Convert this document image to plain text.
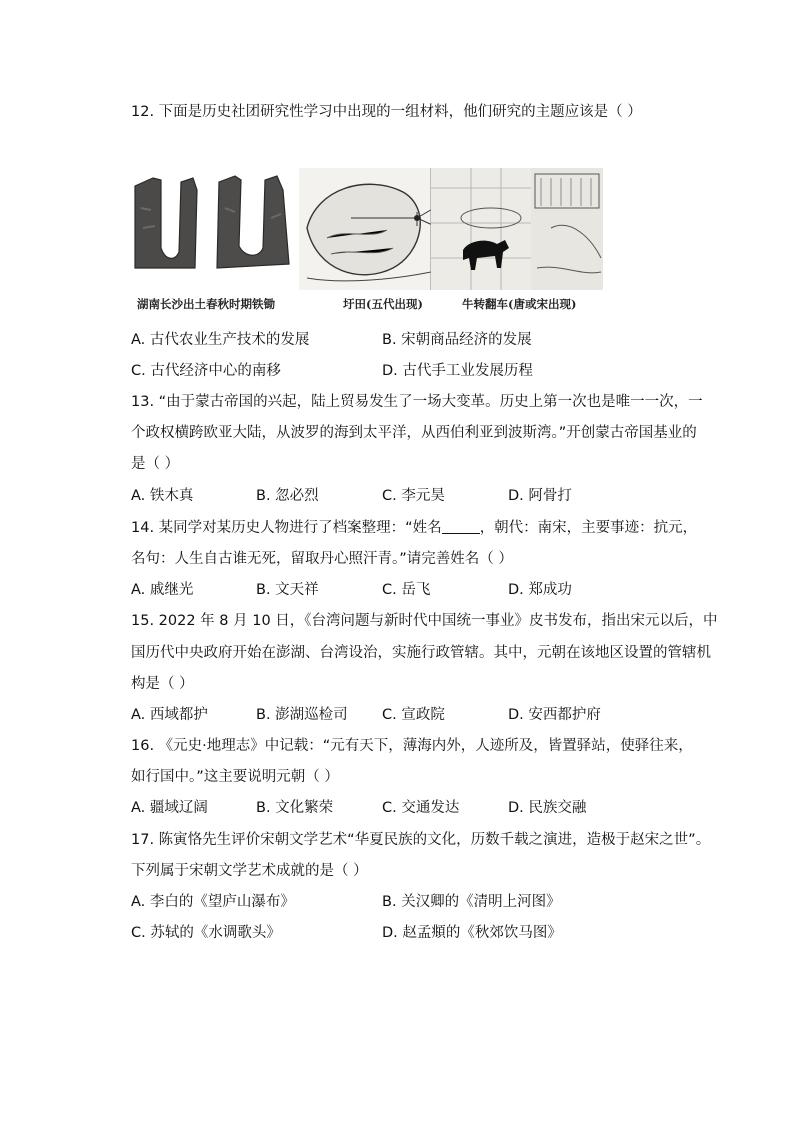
12. 下面是历史社团研究性学习中出现的一组材料，他们研究的主题应该是（ ）
湖南长沙出土春秋时期铁锄	圩田(五代出现)	牛转翻车(唐或宋出现)
A. 古代农业生产技术的发展	B. 宋朝商品经济的发展
C. 古代经济中心的南移	D. 古代手工业发展历程
13. “由于蒙古帝国的兴起，陆上贸易发生了一场大变革。历史上第一次也是唯一一次，一
个政权横跨欧亚大陆，从波罗的海到太平洋，从西伯利亚到波斯湾。”开创蒙古帝国基业的
是（ ）
A. 铁木真	B. 忽必烈	C. 李元昊	D. 阿骨打
14. 某同学对某历史人物进行了档案整理：“姓名	，朝代：南宋，主要事迹：抗元，
名句：人生自古谁无死，留取丹心照汗青。”请完善姓名（ ）
A. 戚继光	B. 文天祥	C. 岳飞	D. 郑成功
15. 2022 年 8 月 10 日，《台湾问题与新时代中国统一事业》皮书发布，指出宋元以后，中
国历代中央政府开始在澎湖、台湾设治，实施行政管辖。其中，元朝在该地区设置的管辖机
构是（ ）
A. 西域都护	B. 澎湖巡检司 C. 宣政院	D. 安西都护府
16. 《元史·地理志》中记载：“元有天下，薄海内外，人迹所及，皆置驿站，使驿往来，
如行国中。”这主要说明元朝（ ）
A. 疆域辽阔	B. 文化繁荣	C. 交通发达	D. 民族交融
17. 陈寅恪先生评价宋朝文学艺术“华夏民族的文化，历数千载之演进，造极于赵宋之世”。
下列属于宋朝文学艺术成就的是（ ）
A. 李白的《望庐山瀑布》	B. 关汉卿的《清明上河图》
C. 苏轼的《水调歌头》	D. 赵孟頫的《秋郊饮马图》
